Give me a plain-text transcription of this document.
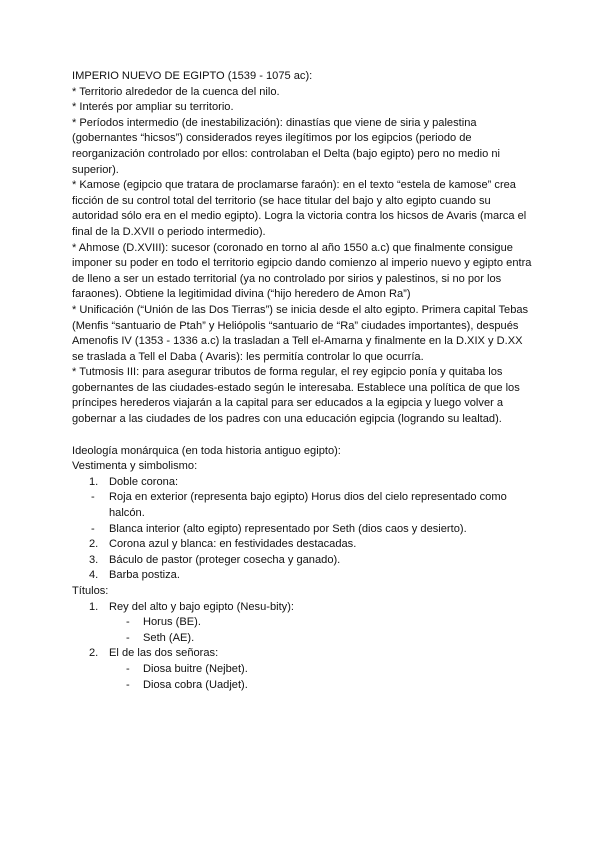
IMPERIO NUEVO DE EGIPTO (1539 - 1075 ac):

* Territorio alrededor de la cuenca del nilo.

* Interés por ampliar su territorio.

* Períodos intermedio (de inestabilización): dinastías que viene de siria y palestina (gobernantes “hicsos”) considerados reyes ilegítimos por los egipcios (periodo de reorganización controlado por ellos: controlaban el Delta (bajo egipto) pero no medio ni superior).

* Kamose (egipcio que tratara de proclamarse faraón): en el texto “estela de kamose” crea ficción de su control total del territorio (se hace titular del bajo y alto egipto cuando su autoridad sólo era en el medio egipto). Logra la victoria contra los hicsos de Avaris (marca el final de la D.XVII o periodo intermedio).

* Ahmose (D.XVIII): sucesor (coronado en torno al año 1550 a.c) que finalmente consigue imponer su poder en todo el territorio egipcio dando comienzo al imperio nuevo y egipto entra de lleno a ser un estado territorial (ya no controlado por sirios y palestinos, si no por los faraones). Obtiene la legitimidad divina (“hijo heredero de Amon Ra”)

* Unificación (“Unión de las Dos Tierras”) se inicia desde el alto egipto. Primera capital Tebas (Menfis “santuario de Ptah” y Heliópolis “santuario de “Ra” ciudades importantes), después Amenofis IV (1353 - 1336 a.c) la trasladan a Tell el-Amarna y finalmente en la D.XIX y D.XX se traslada a Tell el Daba ( Avaris): les permitía controlar lo que ocurría.

* Tutmosis III: para asegurar tributos de forma regular, el rey egipcio ponía y quitaba los gobernantes de las ciudades-estado según le interesaba. Establece una política de que los príncipes herederos viajarán a la capital para ser educados a la egipcia y luego volver a gobernar a las ciudades de los padres con una educación egipcia (logrando su lealtad).

Ideología monárquica (en toda historia antiguo egipto):

Vestimenta y simbolismo:

1. Doble corona:
- Roja en exterior (representa bajo egipto) Horus dios del cielo representado como halcón.
- Blanca interior (alto egipto) representado por Seth (dios caos y desierto).
2. Corona azul y blanca: en festividades destacadas.
3. Báculo de pastor (proteger cosecha y ganado).
4. Barba postiza.

Títulos:

1. Rey del alto y bajo egipto (Nesu-bity):
-	Horus (BE).
-	Seth (AE).
2. El de las dos señoras:
-	Diosa buitre (Nejbet).
-	Diosa cobra (Uadjet).
